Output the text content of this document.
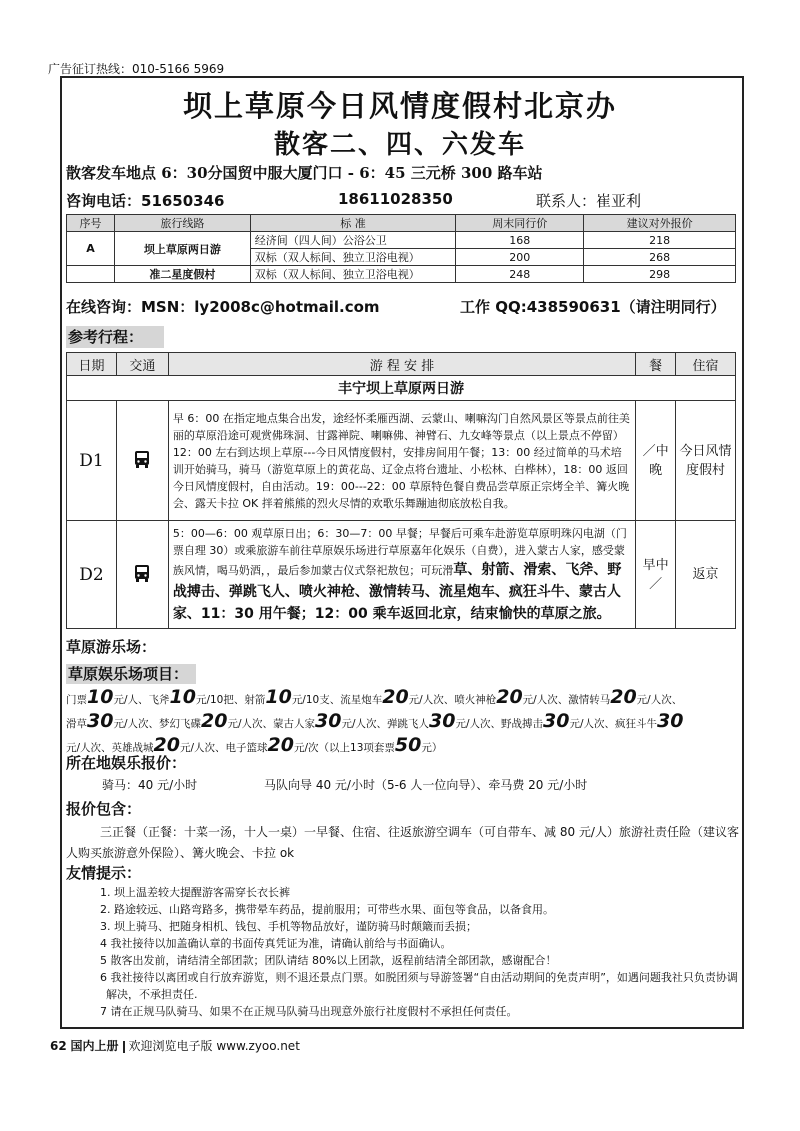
广告征订热线：010-5166 5969
坝上草原今日风情度假村北京办
散客二、四、六发车
散客发车地点 6：30分国贸中服大厦门口 - 6：45 三元桥 300 路车站
咨询电话：51650346	18611028350	联系人：崔亚利
序号	旅行线路	标 准	周末同行价	建议对外报价
A	坝上草原两日游	经济间（四人间）公浴公卫	168	218
		双标（双人标间、独立卫浴电视）	200	268
	准二星度假村	双标（双人标间、独立卫浴电视）	248	298
在线咨询：MSN：ly2008c@hotmail.com	工作 QQ:438590631（请注明同行）
参考行程：
日期	交通	游 程 安 排	餐	住宿
丰宁坝上草原两日游				
D1		早 6：00 在指定地点集合出发，途经怀柔雁西湖、云蒙山、喇嘛沟门自然风景区等景点前往美丽的草原沿途可观赏佛珠洞、甘露禅院、喇嘛佛、神臂石、九女峰等景点（以上景点不停留）12：00 左右到达坝上草原---今日风情度假村，安排房间用午餐；13：00 经过简单的马术培训开始骑马，骑马（游览草原上的黄花岛、辽金点将台遗址、小松林、白桦林），18：00 返回今日风情度假村，自由活动。19：00---22：00 草原特色餐自费品尝草原正宗烤全羊、篝火晚会、露天卡拉 OK 拌着熊熊的烈火尽情的欢歌乐舞蹦迪彻底放松自我。	／中晚	今日风情度假村
D2		5：00—6：00 观草原日出；6：30—7：00 早餐；早餐后可乘车赴游览草原明珠闪电湖（门票自理 30）或乘旅游车前往草原娱乐场进行草原嘉年化娱乐（自费），进入蒙古人家，感受蒙族风情，喝马奶酒，，最后参加蒙古仪式祭祀敖包；可玩滑草、射箭、滑索、飞斧、野战搏击、弹跳飞人、喷火神枪、激情转马、流星炮车、疯狂斗牛、蒙古人家、11：30 用午餐；12：00 乘车返回北京，结束愉快的草原之旅。	早中／	返京
草原游乐场：
草原娱乐场项目：
门票10元/人、飞斧10元/10把、射箭10元/10支、流星炮车20元/人次、喷火神枪20元/人次、激情转马20元/人次、
滑草30元/人次、梦幻飞碟20元/人次、蒙古人家30元/人次、弹跳飞人30元/人次、野战搏击30元/人次、疯狂斗牛30
元/人次、英雄战城20元/人次、电子篮球20元/次（以上13项套票50元）
所在地娱乐报价：
骑马：40 元/小时	马队向导 40 元/小时（5-6 人一位向导）、牵马费 20 元/小时
报价包含：
三正餐（正餐：十菜一汤，十人一桌）一早餐、住宿、往返旅游空调车（可自带车、减 80 元/人）旅游社责任险（建议客人购买旅游意外保险）、篝火晚会、卡拉 ok
友情提示：
1. 坝上温差较大提醒游客需穿长衣长裤
2. 路途较远、山路弯路多，携带晕车药品，提前服用；可带些水果、面包等食品，以备食用。
3. 坝上骑马、把随身相机、钱包、手机等物品放好，谨防骑马时颠簸而丢损；
4 我社接待以加盖确认章的书面传真凭证为准，请确认前给与书面确认。
5 散客出发前，请结清全部团款；团队请结 80%以上团款，返程前结清全部团款，感谢配合！
6 我社接待以离团或自行放弃游览，则不退还景点门票。如脱团须与导游签署“自由活动期间的免责声明”，如遇问题我社只负责协调解决，不承担责任.
7 请在正规马队骑马、如果不在正规马队骑马出现意外旅行社度假村不承担任何责任。
62 国内上册 欢迎浏览电子版 www.zyoo.net
